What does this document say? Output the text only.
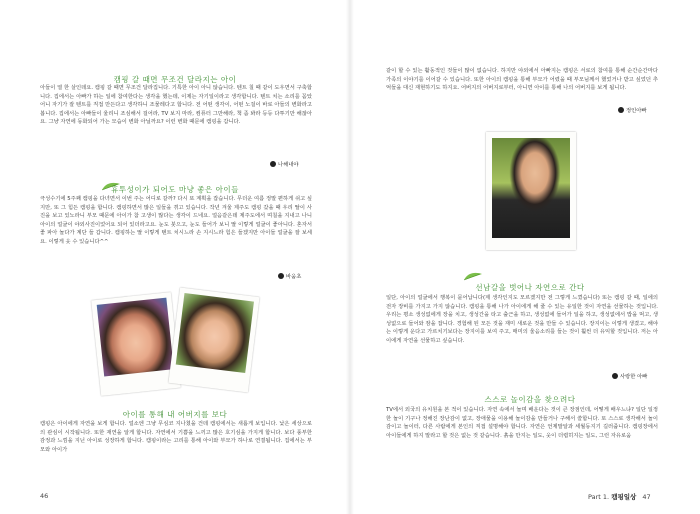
캠핑 갈 때면 무조건 달라지는 아이

아들이 열 한 살인데요. 캠핑 갈 때면 무조건 달라집니다. 기특한 아이 아니 않습니다. 텐트 칠 때 같이 도우면서 구축합니다. 집에서는 아빠가 하는 일에 참여한다는 생각을 했는데, 이제는 자기일이라고 생각합니다. 텐트 치는 소리를 꼼았어니 자기가 잘 텐트를 직접 만든다고 생각하니 조물레다고 합니다. 전 어떤 생각이, 어떤 노걸이 바로 아들의 변화라고 봅니다. 집에서는 아빠들이 울리니 조심해서 걸어라, TV 보지 마라, 컴퓨터 그만해라, 책 좀 봐라 등등 다투기만 해잖아요. 그냥 자연에 동화되어 가는 모습이 변화 아닐까요? 이런 변화 때문에 캠핑을 갑니다.

나해내야
휴투성이가 되어도 마냥 좋은 아이들

극성수기에 5주째 캠핑을 다녀면서 이번 주는 어디로 갈까? 다시 또 계획을 잡습니다. 무더운 여름 정말 편하게 쉬고 싶지만, 또 그 힘든 캠핑을 합니다. 캠핑하면서 많은 일들을 겪고 있습니다. 작년 겨울 제주도 캠핑 갔을 때 우리 딸이 사진을 보고 있노라니 부모 때문에 아이가 참 고생이 많다는 생각이 드네요. 얼음같은데 제주도에서 며칠을 지내고 나니 아이의 얼굴이 야외사진이었어요 되어 있더라고요. 눈도 붓으고, 눈도 들어가 보니 딸 이렇게 얼굴이 좋아니다. 혼자서 좋 파아 놀다가 계단 들 갑니다. 캠핑하는 딸 이렇게 텐트 치시느라 손 지시느라 힘은 들겠지만 아이들 얼굴을 잘 보세요. 이렇게 웃 수 있습니다^^

바움초
아이를 통해 내 어버지를 보다

캠핑은 아이에게 자연을 보게 합니다. 얼소엔 그냥 무심코 지나쳤을 건데 캠핑에서는 새롭게 보입니다. 낯은 세상으로의 관심이 시작됩니다. 또한 재연을 알게 합니다. 자연에서 기쁨을 느끼고 많은 호기심을 가지게 합니다. 보다 풍부한 감정과 느낌을 지닌 아이로 성장하게 합니다. 캠핑이라는 고리를 통해 아이와 부모가 하나로 연결됩니다. 집에서는 부모와 아이가

46

같이 할 수 있는 활동적인 것들이 많이 없습니다. 하지만 야외에서 아빠지는 캠핑은 서로의 참여를 통해 순간순간마다 가족의 이야기를 이어갈 수 있습니다. 또한 아이의 캠핑을 통해 부모가 어렸을 때 부모님께서 했었거나 받고 싶었던 추억들을 대신 재현하기도 하지요. 어버지의 어버지로부터, 아니면 아이를 통해 나의 어버지를 보게 됩니다.

정인아빠
선남갈을 벗어나 자연으로 간다

일단, 아이의 얼굴에서 행복이 묻어납니다(제 생각인지도 모르겠지만 전 그렇게 느꼈습니다) 또는 캠핑 갈 때, 일에의 전자 장비를 가지고 가지 않습니다. 캠핑을 통해 나가 아이에게 해 줄 수 있는 유일한 것이 자연을 선물하는 것입니다. 우리는 평소 생성없에게 장을 치고, 생성간을 타고 출근을 하고, 생성없에 들어가 일을 하고, 생성없에서 밥을 먹고, 생성없으로 들어와 잠을 잡니다. 경험해 된 모든 것을 재미 새로운 것을 만들 수 있습니다. 장지이는 이렇게 생겼고, 해야는 이렇게 운다고 가르치기보다는 장지이를 보여 주고, 매미의 울음소리를 들는 것이 훨씬 더 유익할 것입니다. 저는 아이에게 자연을 선물하고 싶습니다.

사랑한 아빠
스스로 놀이감을 찾으려다

TV에서 외국의 유치원을 본 적이 있습니다. 자연 속에서 놀며 배운다는 것이 큰 장점인데, 어떻게 배우느냐? 일단 일정한 놀이 기구나 정해진 장난감이 없고, 장애물을 이용해 놀이감을 만들거나 구해서 쓸합니다. 또 스스로 생각해서 놀이감이고 놀이터, 다른 사람에게 본인의 직접 설명해야 합니다. 자연은 언제말알과 세월동지기 길러줍니다. 캠핑장에서 아이들에게 하지 말라고 할 것은 없는 것 같습니다. 흙을 만지는 일도, 웃이 더렵히지는 일도, 그런 자유로움

Part 1. 캠핑일상 47
